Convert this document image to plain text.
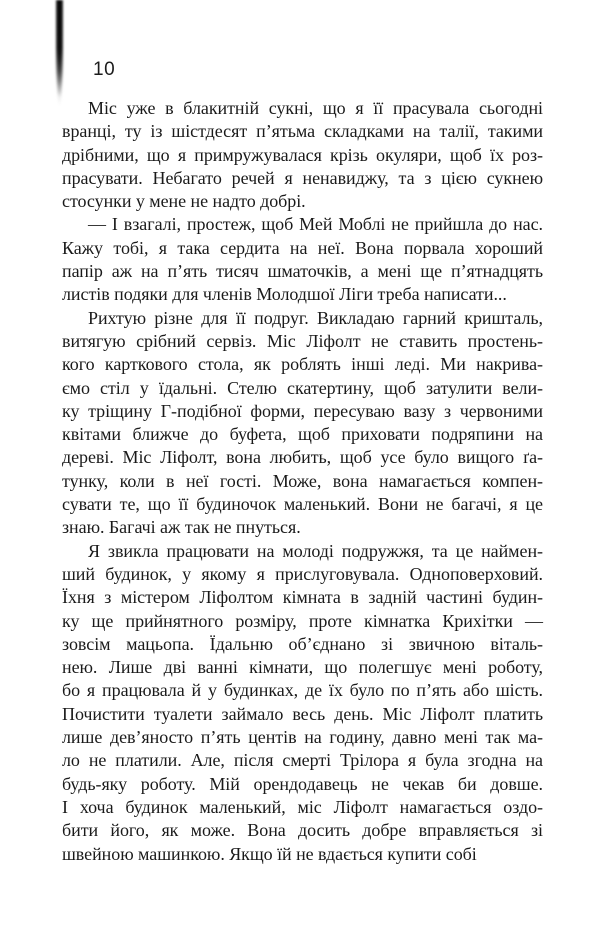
10

Міс уже в блакитній сукні, що я її прасувала сьогодні
вранці, ту із шістдесят п’ятьма складками на талії, такими
дрібними, що я примружувалася крізь окуляри, щоб їх роз-
прасувати. Небагато речей я ненавиджу, та з цією сукнею
стосунки у мене не надто добрі.

— І взагалі, простеж, щоб Мей Моблі не прийшла до нас.
Кажу тобі, я така сердита на неї. Вона порвала хороший
папір аж на п’ять тисяч шматочків, а мені ще п’ятнадцять
листів подяки для членів Молодшої Ліги треба написати...

Рихтую різне для її подруг. Викладаю гарний кришталь,
витягую срібний сервіз. Міс Ліфолт не ставить простень-
кого карткового стола, як роблять інші леді. Ми накрива-
ємо стіл у їдальні. Стелю скатертину, щоб затулити вели-
ку тріщину Г-подібної форми, пересуваю вазу з червоними
квітами ближче до буфета, щоб приховати подряпини на
дереві. Міс Ліфолт, вона любить, щоб усе було вищого ґа-
тунку, коли в неї гості. Може, вона намагається компен-
сувати те, що її будиночок маленький. Вони не багачі, я це
знаю. Багачі аж так не пнуться.

Я звикла працювати на молоді подружжя, та це наймен-
ший будинок, у якому я прислуговувала. Одноповерховий.
Їхня з містером Ліфолтом кімната в задній частині будин-
ку ще прийнятного розміру, проте кімнатка Крихітки —
зовсім мацьопа. Їдальню об’єднано зі звичною віталь-
нею. Лише дві ванні кімнати, що полегшує мені роботу,
бо я працювала й у будинках, де їх було по п’ять або шість.
Почистити туалети займало весь день. Міс Ліфолт платить
лише дев’яносто п’ять центів на годину, давно мені так ма-
ло не платили. Але, після смерті Трілора я була згодна на
будь-яку роботу. Мій орендодавець не чекав би довше.
І хоча будинок маленький, міс Ліфолт намагається оздо-
бити його, як може. Вона досить добре вправляється зі
швейною машинкою. Якщо їй не вдається купити собі
